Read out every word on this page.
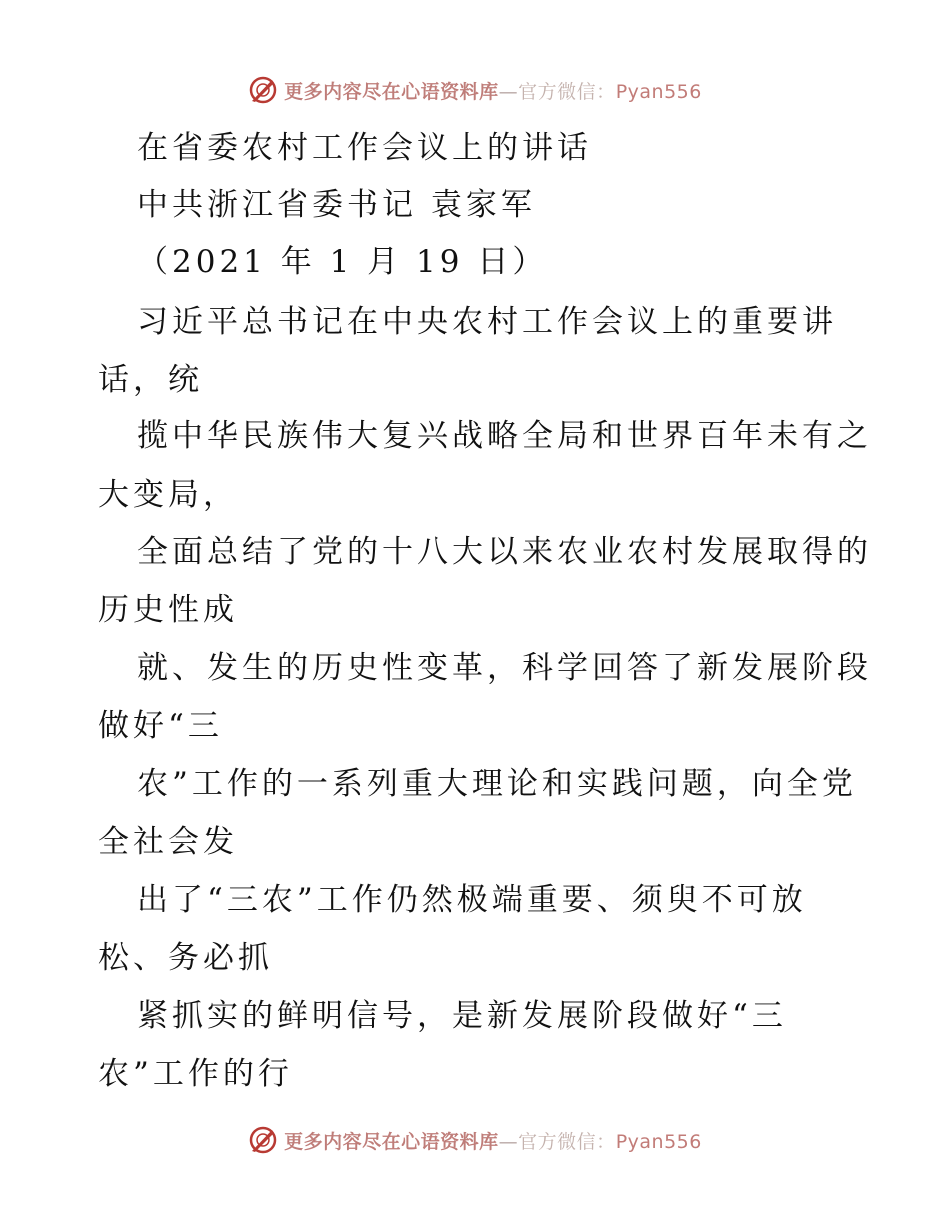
更多内容尽在心语资料库—官方微信：Pyan556
在省委农村工作会议上的讲话
中共浙江省委书记 袁家军
（2021 年 1 月 19 日）
习近平总书记在中央农村工作会议上的重要讲
话，统
揽中华民族伟大复兴战略全局和世界百年未有之
大变局，
全面总结了党的十八大以来农业农村发展取得的
历史性成
就、发生的历史性变革，科学回答了新发展阶段
做好“三
农”工作的一系列重大理论和实践问题，向全党
全社会发
出了“三农”工作仍然极端重要、须臾不可放
松、务必抓
紧抓实的鲜明信号，是新发展阶段做好“三
农”工作的行
更多内容尽在心语资料库—官方微信：Pyan556
